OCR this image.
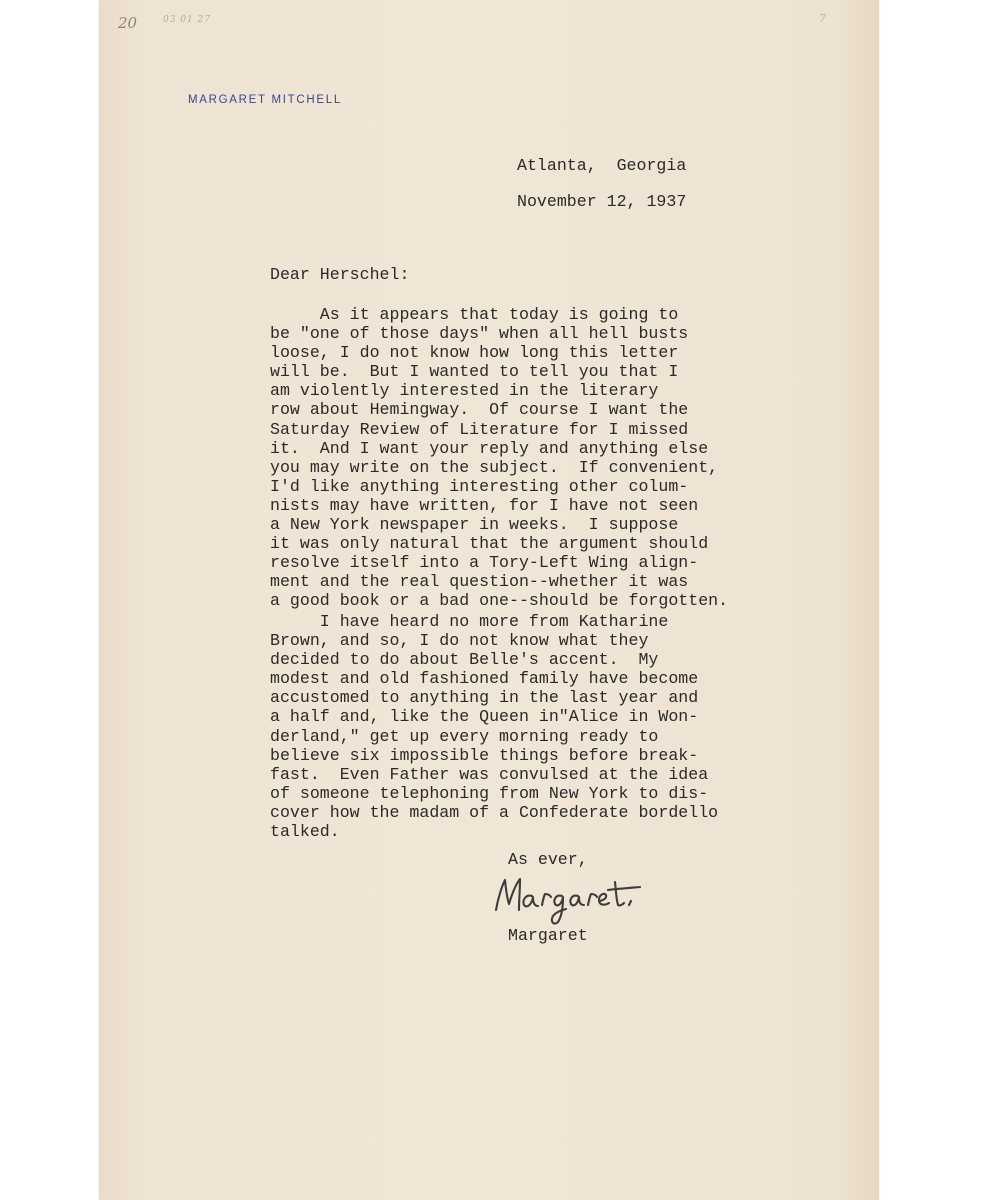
20	03 01 27	7
MARGARET MITCHELL
Atlanta,  Georgia
November 12, 1937
Dear Herschel:

As it appears that today is going to
be "one of those days" when all hell busts
loose, I do not know how long this letter
will be.  But I wanted to tell you that I
am violently interested in the literary
row about Hemingway.  Of course I want the
Saturday Review of Literature for I missed
it.  And I want your reply and anything else
you may write on the subject.  If convenient,
I'd like anything interesting other colum-
nists may have written, for I have not seen
a New York newspaper in weeks.  I suppose
it was only natural that the argument should
resolve itself into a Tory-Left Wing align-
ment and the real question--whether it was
a good book or a bad one--should be forgotten.

I have heard no more from Katharine
Brown, and so, I do not know what they
decided to do about Belle's accent.  My
modest and old fashioned family have become
accustomed to anything in the last year and
a half and, like the Queen in"Alice in Won-
derland," get up every morning ready to
believe six impossible things before break-
fast.  Even Father was convulsed at the idea
of someone telephoning from New York to dis-
cover how the madam of a Confederate bordello
talked.

As ever,
Margaret
